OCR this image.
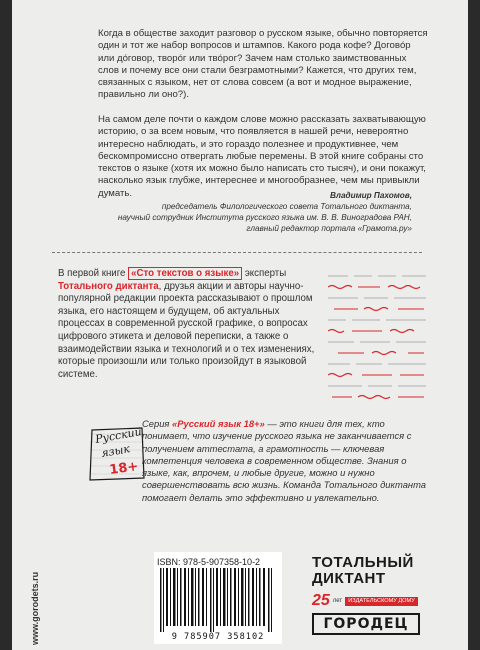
Когда в обществе заходит разговор о русском языке, обычно повторяется один и тот же набор вопросов и штампов. Какого рода кофе? Договóр или дóговор, творóг или твóрог? Зачем нам столько заимствованных слов и почему все они стали безграмотными? Кажется, что других тем, связанных с языком, нет от слова совсем (а вот и модное выражение, правильно ли оно?).

На самом деле почти о каждом слове можно рассказать захватывающую историю, о за всем новым, что появляется в нашей речи, невероятно интересно наблюдать, и это гораздо полезнее и продуктивнее, чем бескомпромиссно отвергать любые перемены. В этой книге собраны сто текстов о языке (хотя их можно было написать сто тысяч), и они покажут, насколько язык глубже, интереснее и многообразнее, чем мы привыкли думать.	Владимир Пахомов,
председатель Филологического совета Тотального диктанта,
научный сотрудник Института русского языка им. В. В. Виноградова РАН,
главный редактор портала «Грамота.ру»
В первой книге «Сто текстов о языке» эксперты Тотального диктанта, друзья акции и авторы научно-популярной редакции проекта рассказывают о прошлом языка, его настоящем и будущем, об актуальных процессах в современной русской графике, о вопросах цифрового этикета и деловой переписки, а также о взаимодействии языка и технологий и о тех изменениях, которые произошли или только произойдут в языковой системе.
Русский
язык
18+
Серия «Русский язык 18+» — это книги для тех, кто понимает, что изучение русского языка не заканчивается с получением аттестата, а грамотность — ключевая компетенция человека в современном обществе. Знания о языке, как, впрочем, и любые другие, можно и нужно совершенствовать всю жизнь. Команда Тотального диктанта помогает делать это эффективно и увлекательно.
www.gorodets.ru
ISBN: 978-5-907358-10-2
9 785907 358102
ТОТАЛЬНЫЙ
ДИКТАНТ
25 лет	ИЗДАТЕЛЬСКОМУ ДОМУ
ГОРОДЕЦ
